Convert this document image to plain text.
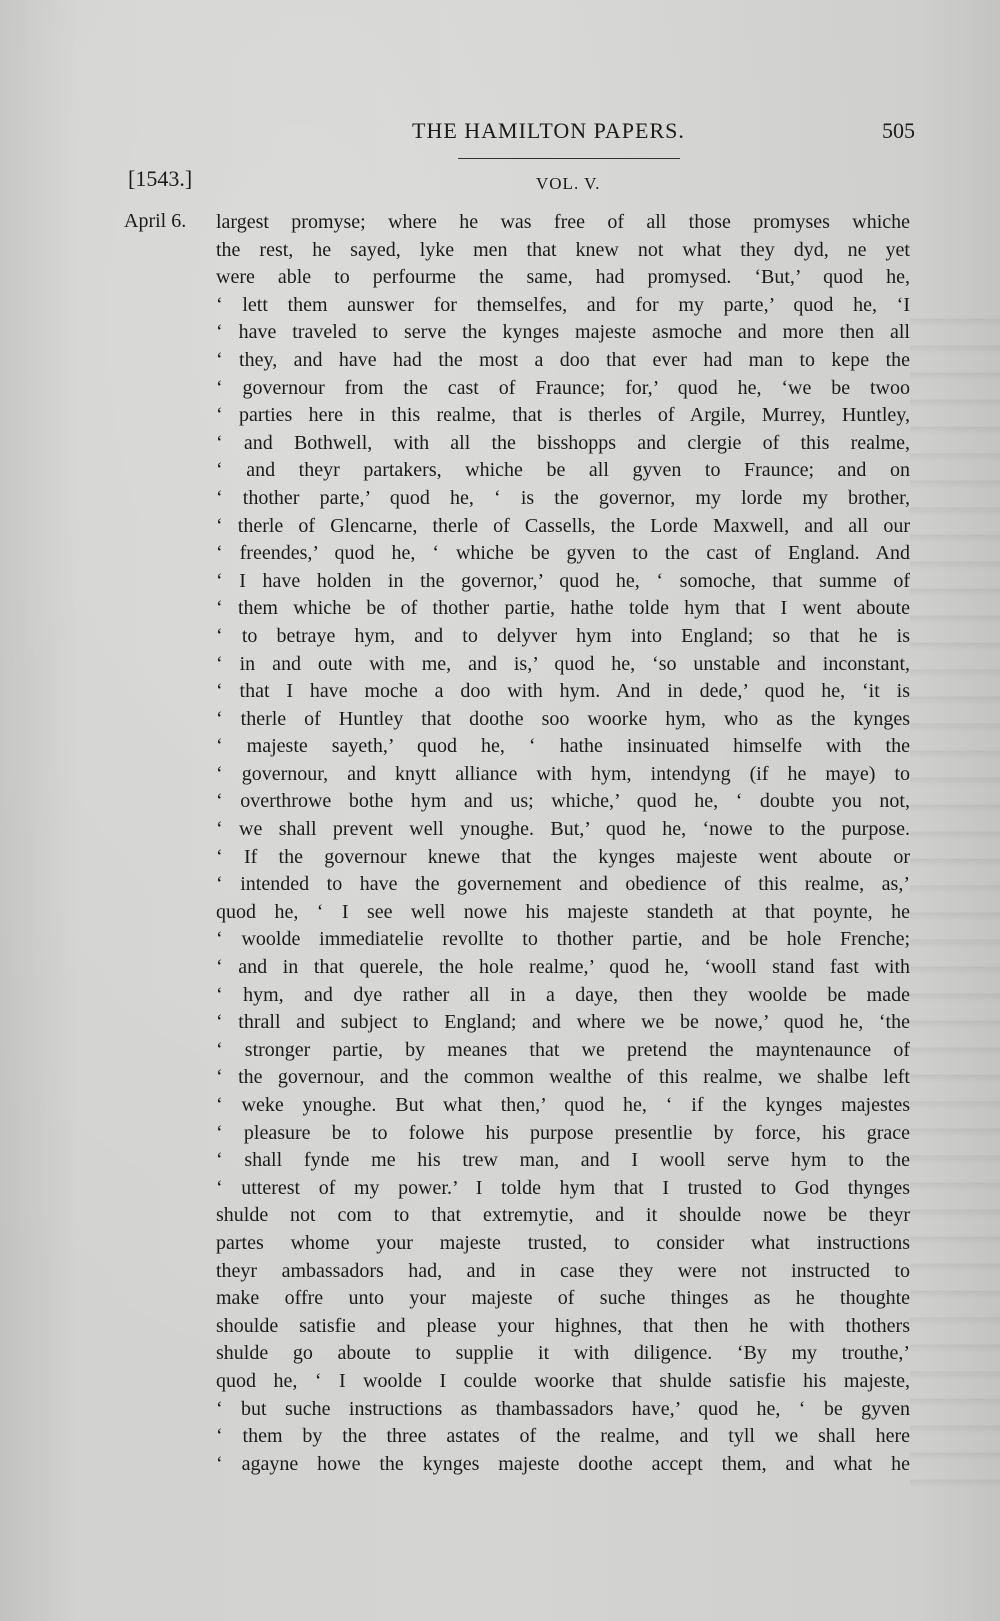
THE HAMILTON PAPERS.	505
[1543.]	VOL. V.
April 6. largest promyse; where he was free of all those promyses whiche
the rest, he sayed, lyke men that knew not what they dyd, ne yet
were able to perfourme the same, had promysed. ‘But,’ quod he,
‘ lett them aunswer for themselfes, and for my parte,’ quod he, ‘I
‘ have traveled to serve the kynges majeste asmoche and more then all
‘ they, and have had the most a doo that ever had man to kepe the
‘ governour from the cast of Fraunce; for,’ quod he, ‘we be twoo
‘ parties here in this realme, that is therles of Argile, Murrey, Huntley,
‘ and Bothwell, with all the bisshopps and clergie of this realme,
‘ and theyr partakers, whiche be all gyven to Fraunce; and on
‘ thother parte,’ quod he, ‘ is the governor, my lorde my brother,
‘ therle of Glencarne, therle of Cassells, the Lorde Maxwell, and all our
‘ freendes,’ quod he, ‘ whiche be gyven to the cast of England. And
‘ I have holden in the governor,’ quod he, ‘ somoche, that summe of
‘ them whiche be of thother partie, hathe tolde hym that I went aboute
‘ to betraye hym, and to delyver hym into England; so that he is
‘ in and oute with me, and is,’ quod he, ‘so unstable and inconstant,
‘ that I have moche a doo with hym. And in dede,’ quod he, ‘it is
‘ therle of Huntley that doothe soo woorke hym, who as the kynges
‘ majeste sayeth,’ quod he, ‘ hathe insinuated himselfe with the
‘ governour, and knytt alliance with hym, intendyng (if he maye) to
‘ overthrowe bothe hym and us; whiche,’ quod he, ‘ doubte you not,
‘ we shall prevent well ynoughe. But,’ quod he, ‘nowe to the purpose.
‘ If the governour knewe that the kynges majeste went aboute or
‘ intended to have the governement and obedience of this realme, as,’
quod he, ‘ I see well nowe his majeste standeth at that poynte, he
‘ woolde immediatelie revollte to thother partie, and be hole Frenche;
‘ and in that querele, the hole realme,’ quod he, ‘wooll stand fast with
‘ hym, and dye rather all in a daye, then they woolde be made
‘ thrall and subject to England; and where we be nowe,’ quod he, ‘the
‘ stronger partie, by meanes that we pretend the mayntenaunce of
‘ the governour, and the common wealthe of this realme, we shalbe left
‘ weke ynoughe. But what then,’ quod he, ‘ if the kynges majestes
‘ pleasure be to folowe his purpose presentlie by force, his grace
‘ shall fynde me his trew man, and I wooll serve hym to the
‘ utterest of my power.’ I tolde hym that I trusted to God thynges
shulde not com to that extremytie, and it shoulde nowe be theyr
partes whome your majeste trusted, to consider what instructions
theyr ambassadors had, and in case they were not instructed to
make offre unto your majeste of suche thinges as he thoughte
shoulde satisfie and please your highnes, that then he with thothers
shulde go aboute to supplie it with diligence. ‘By my trouthe,’
quod he, ‘ I woolde I coulde woorke that shulde satisfie his majeste,
‘ but suche instructions as thambassadors have,’ quod he, ‘ be gyven
‘ them by the three astates of the realme, and tyll we shall here
‘ agayne howe the kynges majeste doothe accept them, and what he
